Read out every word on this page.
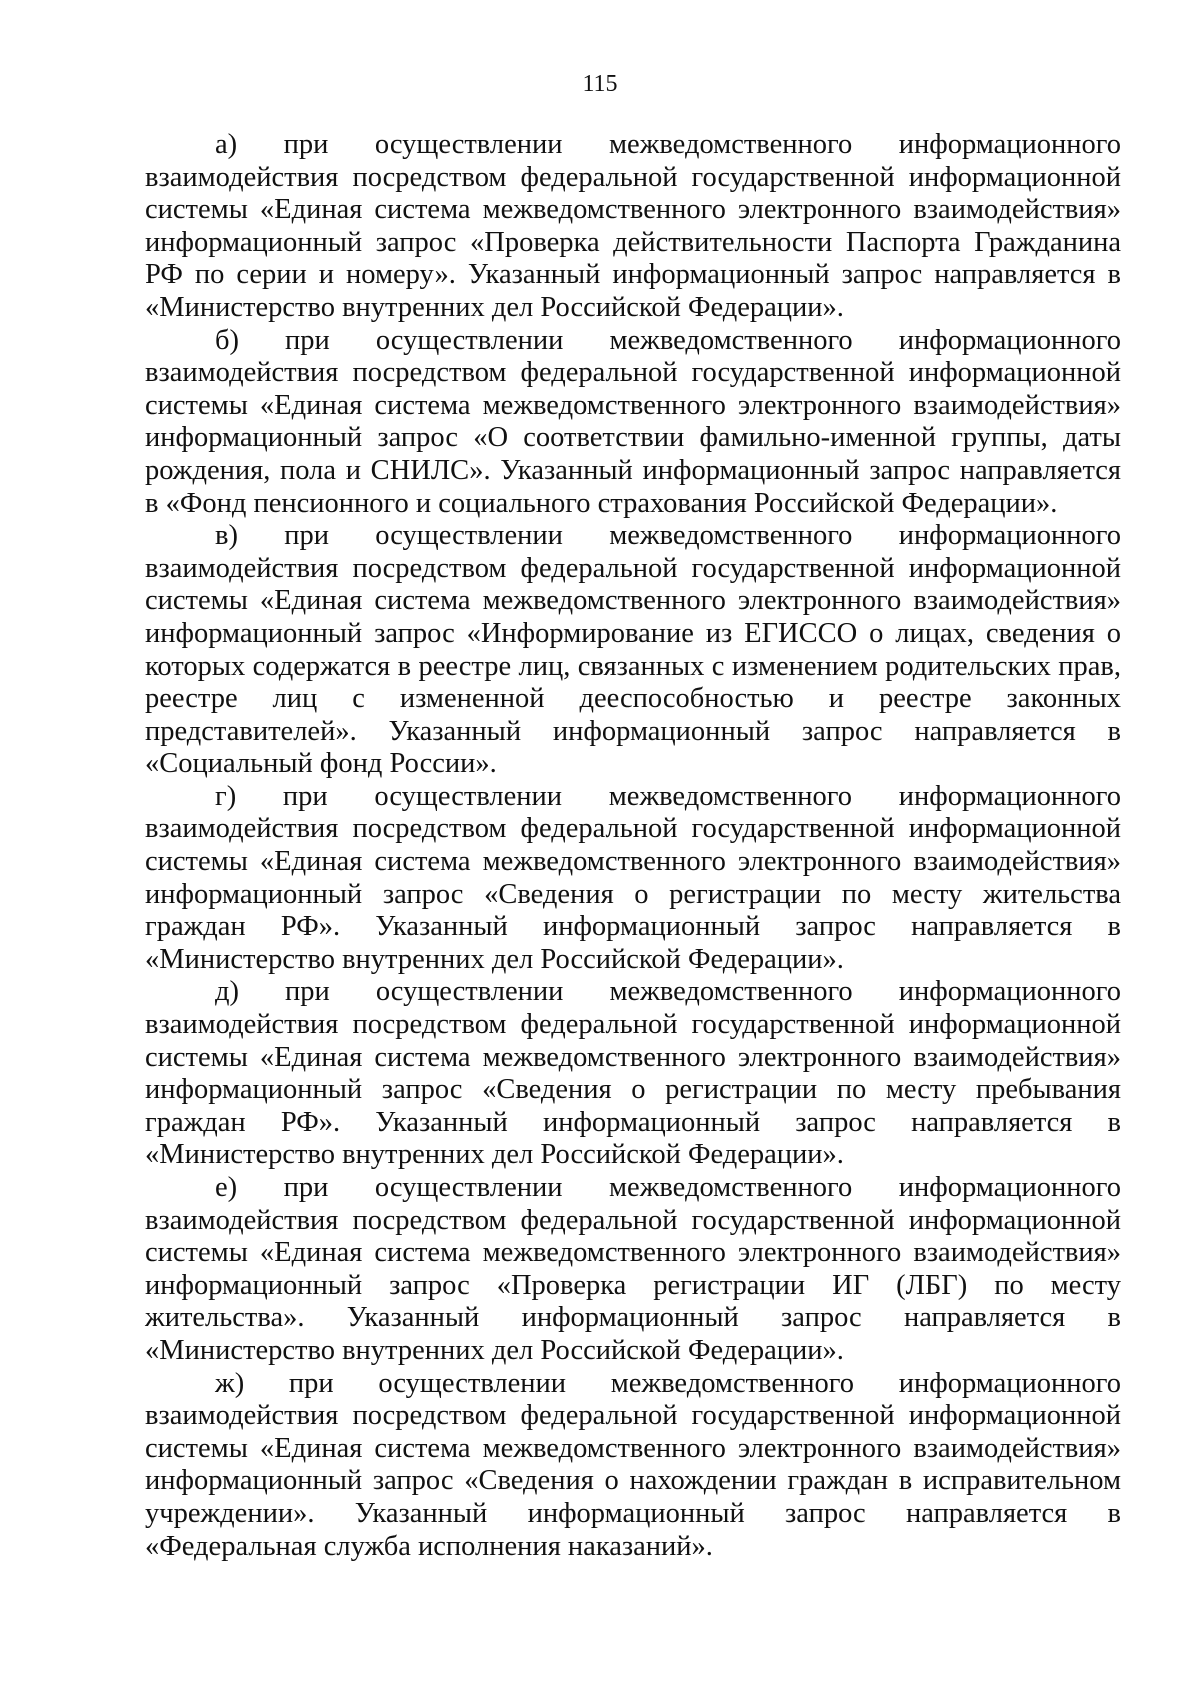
115

а) при осуществлении межведомственного информационного взаимодействия посредством федеральной государственной информационной системы «Единая система межведомственного электронного взаимодействия» информационный запрос «Проверка действительности Паспорта Гражданина РФ по серии и номеру». Указанный информационный запрос направляется в «Министерство внутренних дел Российской Федерации».

б) при осуществлении межведомственного информационного взаимодействия посредством федеральной государственной информационной системы «Единая система межведомственного электронного взаимодействия» информационный запрос «О соответствии фамильно-именной группы, даты рождения, пола и СНИЛС». Указанный информационный запрос направляется в «Фонд пенсионного и социального страхования Российской Федерации».

в) при осуществлении межведомственного информационного взаимодействия посредством федеральной государственной информационной системы «Единая система межведомственного электронного взаимодействия» информационный запрос «Информирование из ЕГИССО о лицах, сведения о которых содержатся в реестре лиц, связанных с изменением родительских прав, реестре лиц с измененной дееспособностью и реестре законных представителей». Указанный информационный запрос направляется в «Социальный фонд России».

г) при осуществлении межведомственного информационного взаимодействия посредством федеральной государственной информационной системы «Единая система межведомственного электронного взаимодействия» информационный запрос «Сведения о регистрации по месту жительства граждан РФ». Указанный информационный запрос направляется в «Министерство внутренних дел Российской Федерации».

д) при осуществлении межведомственного информационного взаимодействия посредством федеральной государственной информационной системы «Единая система межведомственного электронного взаимодействия» информационный запрос «Сведения о регистрации по месту пребывания граждан РФ». Указанный информационный запрос направляется в «Министерство внутренних дел Российской Федерации».

е) при осуществлении межведомственного информационного взаимодействия посредством федеральной государственной информационной системы «Единая система межведомственного электронного взаимодействия» информационный запрос «Проверка регистрации ИГ (ЛБГ) по месту жительства». Указанный информационный запрос направляется в «Министерство внутренних дел Российской Федерации».

ж) при осуществлении межведомственного информационного взаимодействия посредством федеральной государственной информационной системы «Единая система межведомственного электронного взаимодействия» информационный запрос «Сведения о нахождении граждан в исправительном учреждении». Указанный информационный запрос направляется в «Федеральная служба исполнения наказаний».
